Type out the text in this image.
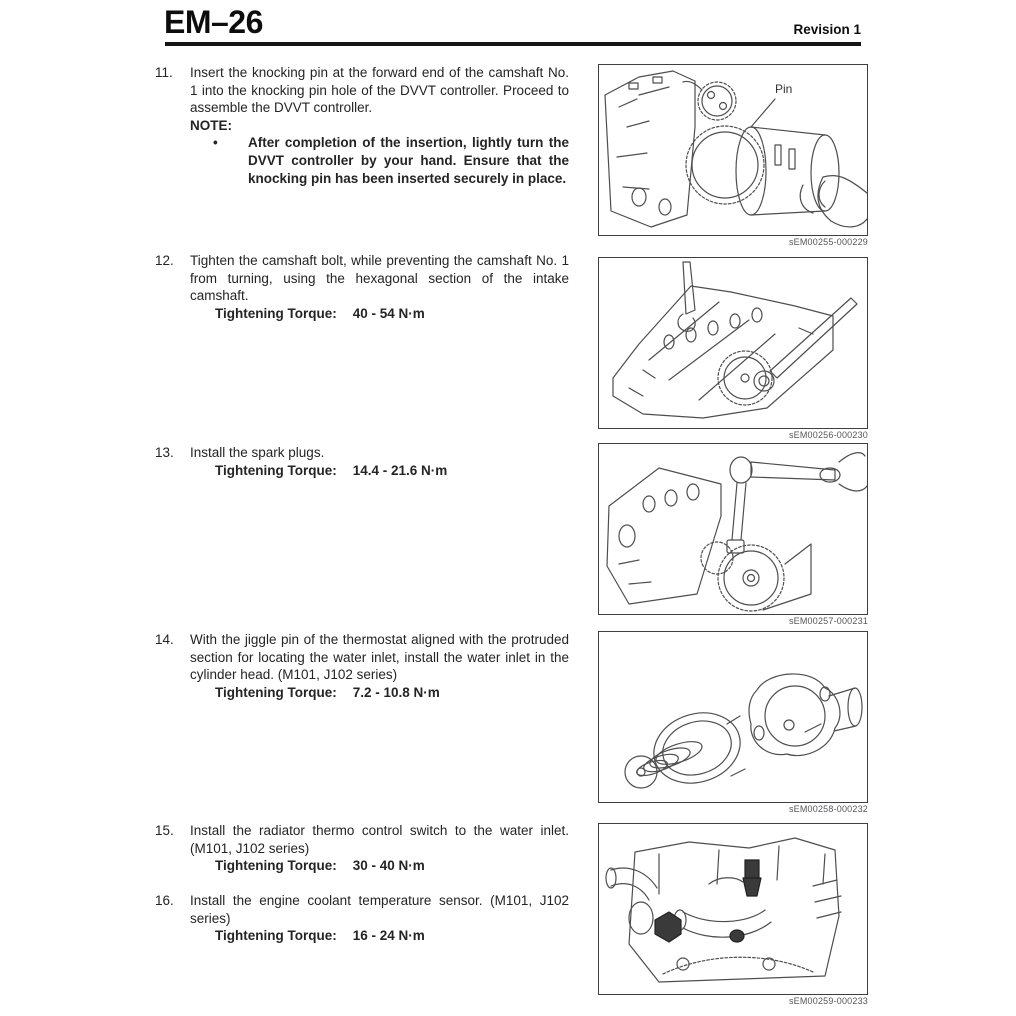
EM–26	Revision 1
11.	Insert the knocking pin at the forward end of the camshaft No. 1 into the knocking pin hole of the DVVT controller. Proceed to assemble the DVVT controller.
NOTE:
•	After completion of the insertion, lightly turn the DVVT controller by your hand. Ensure that the knocking pin has been inserted securely in place.
12.	Tighten the camshaft bolt, while preventing the camshaft No. 1 from turning, using the hexagonal section of the intake camshaft.
Tightening Torque: 40 - 54 N·m
13.	Install the spark plugs.
Tightening Torque: 14.4 - 21.6 N·m
14.	With the jiggle pin of the thermostat aligned with the protruded section for locating the water inlet, install the water inlet in the cylinder head. (M101, J102 series)
Tightening Torque: 7.2 - 10.8 N·m
15.	Install the radiator thermo control switch to the water inlet. (M101, J102 series)
Tightening Torque: 30 - 40 N·m
16.	Install the engine coolant temperature sensor. (M101, J102 series)
Tightening Torque: 16 - 24 N·m
Pin
sEM00255-000229
sEM00256-000230
sEM00257-000231
sEM00258-000232
sEM00259-000233
